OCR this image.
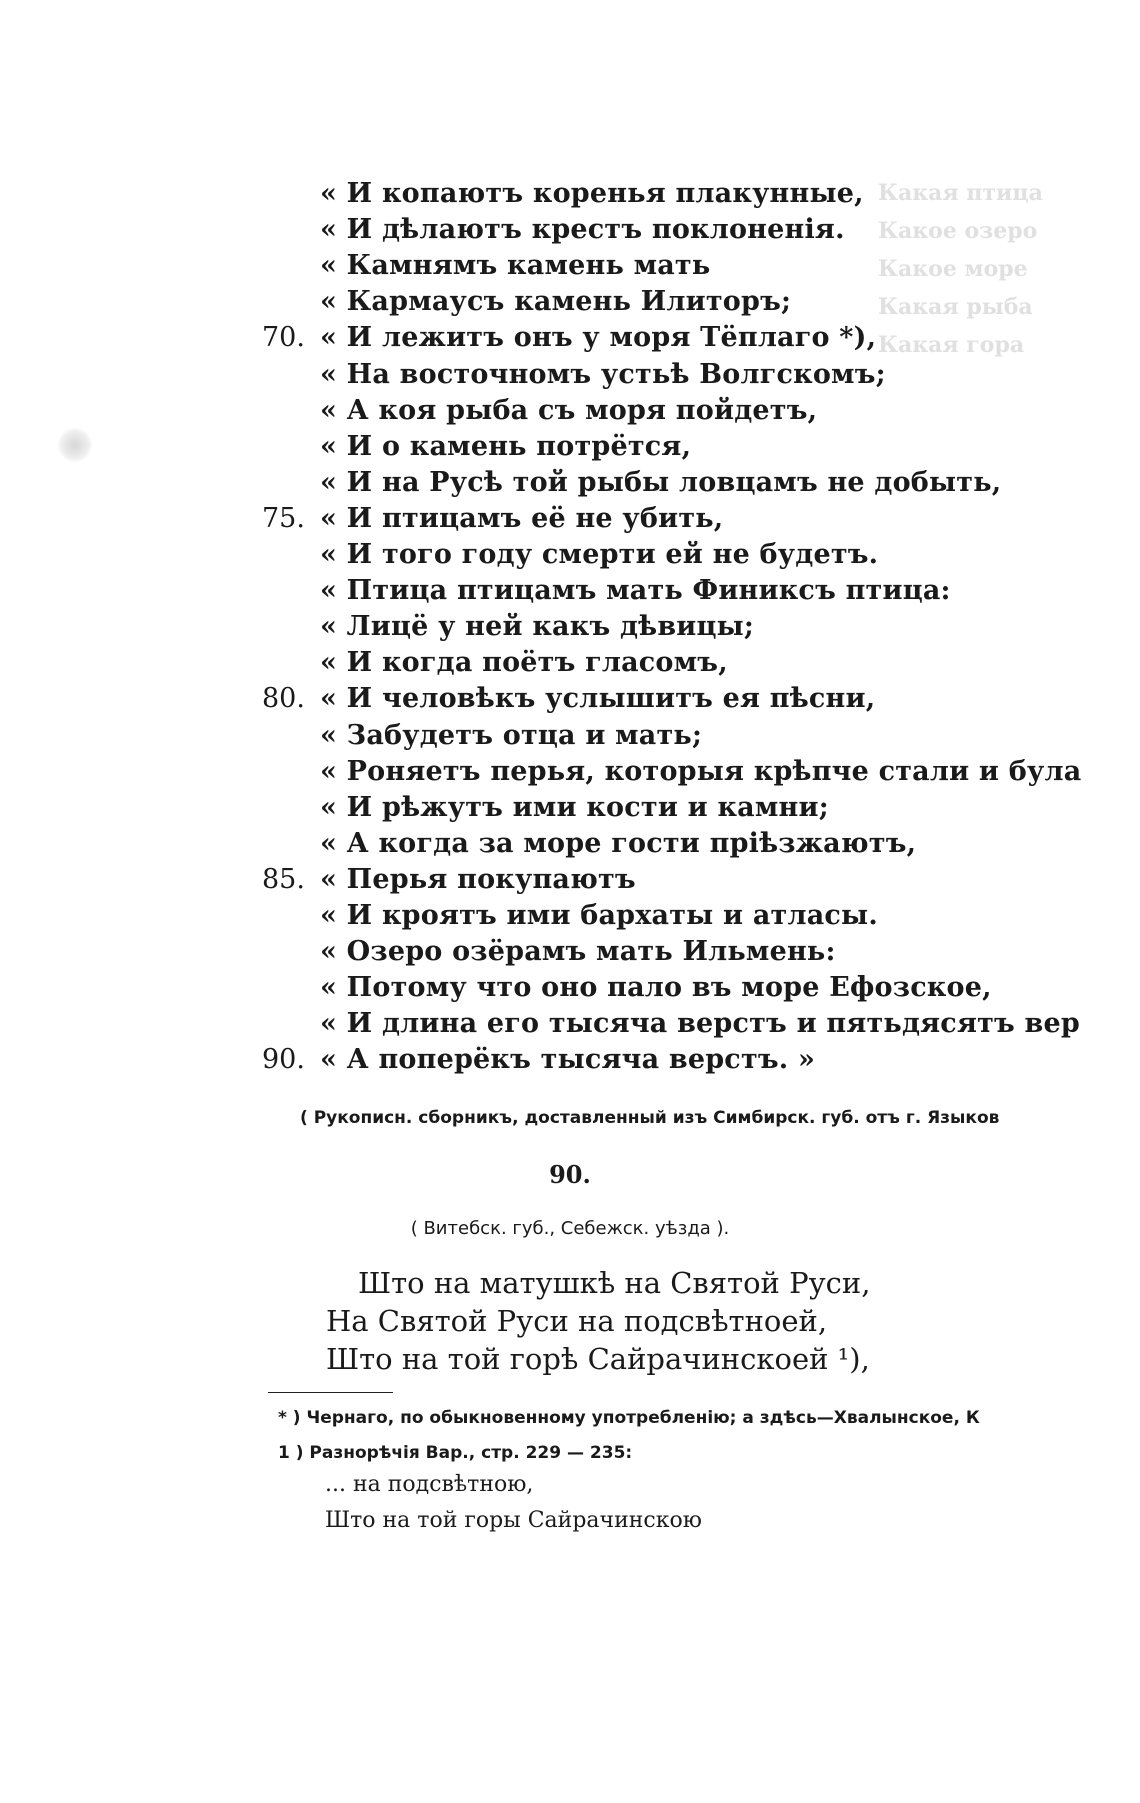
Какая птица
Какое озеро
Какое море
Какая рыба
Какая гора
« И копаютъ коренья плакунные,
« И дѣлаютъ крестъ поклоненія.
« Камнямъ камень мать
« Кармаусъ камень Илиторъ;
70. « И лежитъ онъ у моря Тёплаго *),
« На восточномъ устьѣ Волгскомъ;
« А коя рыба съ моря пойдетъ,
« И о камень потрётся,
« И на Русѣ той рыбы ловцамъ не добыть,
75. « И птицамъ её не убить,
« И того году смерти ей не будетъ.
« Птица птицамъ мать Финиксъ птица:
« Лицё у ней какъ дѣвицы;
« И когда поётъ гласомъ,
80. « И человѣкъ услышитъ ея пѣсни,
« Забудетъ отца и мать;
« Роняетъ перья, которыя крѣпче стали и була
« И рѣжутъ ими кости и камни;
« А когда за море гости пріѣзжаютъ,
85. « Перья покупаютъ
« И кроятъ ими бархаты и атласы.
« Озеро озёрамъ мать Ильмень:
« Потому что оно пало въ море Ефозское,
« И длина его тысяча верстъ и пятьдясятъ вер
90. « А поперёкъ тысяча верстъ. »
( Рукописн. сборникъ, доставленный изъ Симбирск. губ. отъ г. Языков
90.
( Витебск. губ., Себежск. уѣзда ).
Што на матушкѣ на Святой Руси,
На Святой Руси на подсвѣтноей,
Што на той горѣ Сайрачинскоей ¹),
* ) Чернаго, по обыкновенному употребленію; а здѣсь—Хвалынское, К
1 ) Разнорѣчія Вар., стр. 229 — 235:
... на подсвѣтною,
Што на той горы Сайрачинскою
